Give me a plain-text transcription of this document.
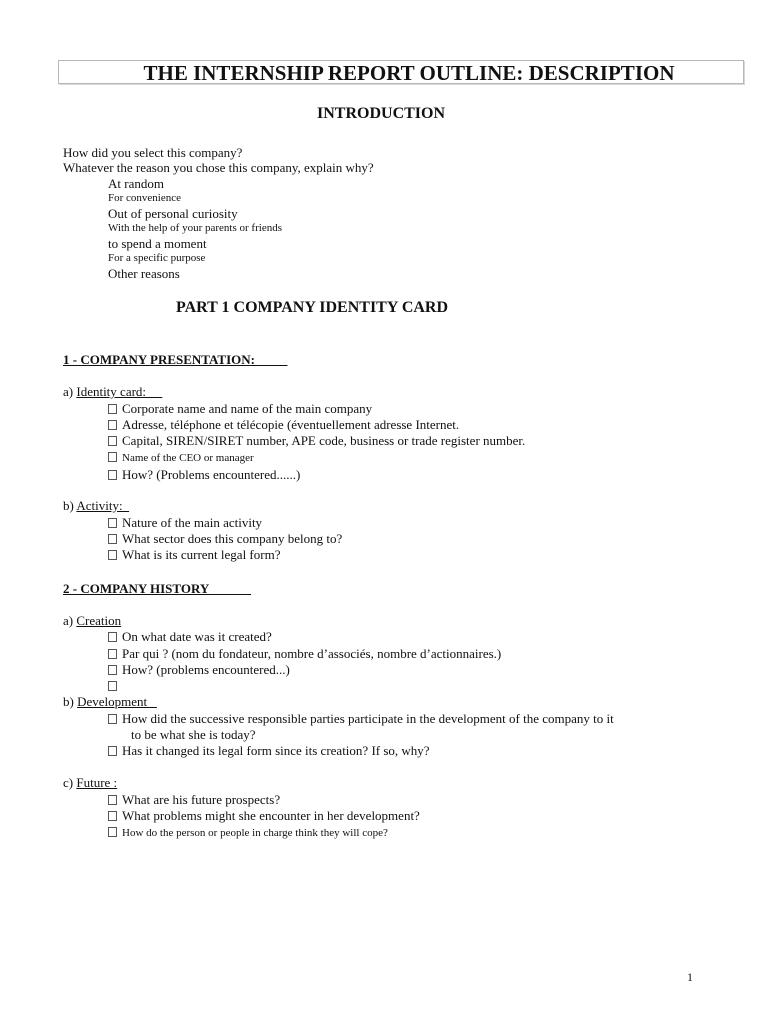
THE INTERNSHIP REPORT OUTLINE: DESCRIPTION
INTRODUCTION
How did you select this company?
Whatever the reason you chose this company, explain why?
At random
For convenience
Out of personal curiosity
With the help of your parents or friends
to spend a moment
For a specific purpose
Other reasons
PART 1 COMPANY IDENTITY CARD
1 - COMPANY PRESENTATION:
a) Identity card:
Corporate name and name of the main company
Adresse, téléphone et télécopie (éventuellement adresse Internet.
Capital, SIREN/SIRET number, APE code, business or trade register number.
Name of the CEO or manager
How? (Problems encountered......)
b) Activity:
Nature of the main activity
What sector does this company belong to?
What is its current legal form?
2 - COMPANY HISTORY
a) Creation
On what date was it created?
Par qui ? (nom du fondateur, nombre d’associés, nombre d’actionnaires.)
How? (problems encountered...)
b) Development
How did the successive responsible parties participate in the development of the company to it
to be what she is today?
Has it changed its legal form since its creation? If so, why?
c) Future :
What are his future prospects?
What problems might she encounter in her development?
How do the person or people in charge think they will cope?
1
